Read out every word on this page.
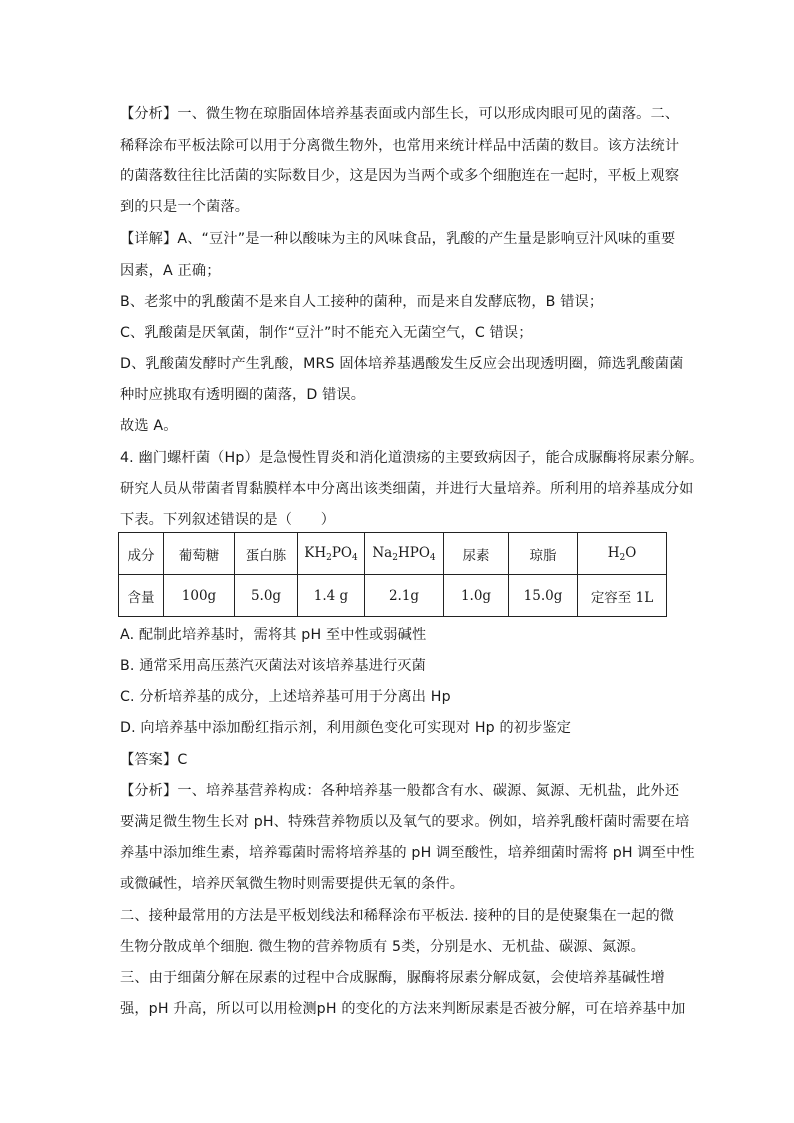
【分析】一、微生物在琼脂固体培养基表面或内部生长，可以形成肉眼可见的菌落。二、
稀释涂布平板法除可以用于分离微生物外，也常用来统计样品中活菌的数目。该方法统计
的菌落数往往比活菌的实际数目少，这是因为当两个或多个细胞连在一起时，平板上观察
到的只是一个菌落。
【详解】A、“豆汁”是一种以酸味为主的风味食品，乳酸的产生量是影响豆汁风味的重要
因素，A 正确；
B、老浆中的乳酸菌不是来自人工接种的菌种，而是来自发酵底物，B 错误；
C、乳酸菌是厌氧菌，制作“豆汁”时不能充入无菌空气，C 错误；
D、乳酸菌发酵时产生乳酸，MRS 固体培养基遇酸发生反应会出现透明圈，筛选乳酸菌菌
种时应挑取有透明圈的菌落，D 错误。
故选 A。
4. 幽门螺杆菌（Hp）是急慢性胃炎和消化道溃疡的主要致病因子，能合成脲酶将尿素分解。
研究人员从带菌者胃黏膜样本中分离出该类细菌，并进行大量培养。所利用的培养基成分如
下表。下列叙述错误的是（　　）
成分	葡萄糖	蛋白胨	$KH_2PO_4$	$Na_2HPO_4$	尿素	琼脂	$H_2O$
含量	100g	5.0g	1.4 g	2.1g	1.0g	15.0g	定容至 1L
A. 配制此培养基时，需将其 pH 至中性或弱碱性
B. 通常采用高压蒸汽灭菌法对该培养基进行灭菌
C. 分析培养基的成分，上述培养基可用于分离出 Hp
D. 向培养基中添加酚红指示剂，利用颜色变化可实现对 Hp 的初步鉴定
【答案】C
【分析】一、培养基营养构成：各种培养基一般都含有水、碳源、氮源、无机盐，此外还
要满足微生物生长对 pH、特殊营养物质以及氧气的要求。例如，培养乳酸杆菌时需要在培
养基中添加维生素，培养霉菌时需将培养基的 pH 调至酸性，培养细菌时需将 pH 调至中性
或微碱性，培养厌氧微生物时则需要提供无氧的条件。
二、接种最常用的方法是平板划线法和稀释涂布平板法. 接种的目的是使聚集在一起的微
生物分散成单个细胞. 微生物的营养物质有 5类，分别是水、无机盐、碳源、氮源。
三、由于细菌分解在尿素的过程中合成脲酶，脲酶将尿素分解成氨，会使培养基碱性增
强，pH 升高，所以可以用检测pH 的变化的方法来判断尿素是否被分解，可在培养基中加
